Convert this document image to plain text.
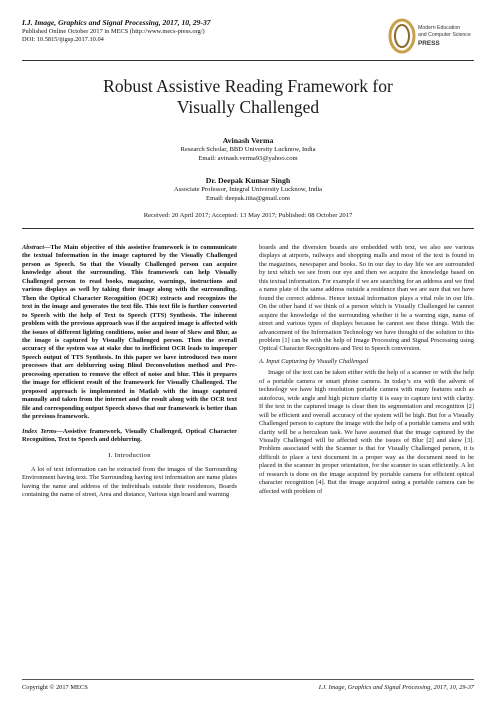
I.J. Image, Graphics and Signal Processing, 2017, 10, 29-37
Published Online October 2017 in MECS (http://www.mecs-press.org/)
DOI: 10.5815/ijigsp.2017.10.04
Modern Education
and Computer Science
PRESS
Robust Assistive Reading Framework for
Visually Challenged
Avinash Verma
Research Scholar, BBD University Lucknow, India
Email: avinash.verma93@yahoo.com
Dr. Deepak Kumar Singh
Associate Professor, Integral University Lucknow, India
Email: deepak.iiita@gmail.com
Received: 20 April 2017; Accepted: 13 May 2017; Published: 08 October 2017

Abstract—The Main objective of this assistive framework is to communicate the textual Information in the image captured by the Visually Challenged person as Speech. So that the Visually Challenged person can acquire knowledge about the surrounding. This framework can help Visually Challenged person to read books, magazine, warnings, instructions and various displays as well by taking their image along with the surrounding. Then the Optical Character Recognition (OCR) extracts and recognizes the text in the image and generates the text file. This text file is further converted to Speech with the help of Text to Speech (TTS) Synthesis. The inherent problem with the previous approach was if the acquired image is affected with the issues of different lighting conditions, noise and issue of Skew and Blur, as the image is captured by Visually Challenged person. Then the overall accuracy of the system was at stake due to inefficient OCR leads to improper Speech output of TTS Synthesis. In this paper we have introduced two more processes that are deblurring using Blind Deconvolution method and Pre-processing operation to remove the effect of noise and blur. This it prepares the image for efficient result of the framework for Visually Challenged. The proposed approach is implemented in Matlab with the image captured manually and taken from the internet and the result along with the OCR text file and corresponding output Speech shows that our framework is better than the previous framework.

Index Terms—Assistive framework, Visually Challenged, Optical Character Recognition, Text to Speech and deblurring.

I. Introduction

A lot of text information can be extracted from the images of the Surrounding Environment having text. The Surrounding having text information are name plates having the name and address of the individuals outside their residences, Boards containing the name of street, Area and distance, Various sign board and warning

boards and the diversion boards are embedded with text, we also see various displays at airports, railways and shopping malls and most of the text is found in the magazines, newspaper and books. So in our day to day life we are surrounded by text which we see from our eye and then we acquire the knowledge based on this textual information. For example if we are searching for an address and we find a name plate of the same address outside a residence than we are sure that we have found the correct address. Hence textual information plays a vital role in our life. On the other hand if we think of a person which is Visually Challenged he cannot acquire the knowledge of the surrounding whether it be a warning sign, name of street and various types of displays because he cannot see these things. With the advancement of the Information Technology we have thought of the solution to this problem [1] can be with the help of Image Processing and Signal Processing using Optical Character Recognitions and Text to Speech conversion.

A. Input Capturing by Visually Challenged

Image of the text can be taken either with the help of a scanner or with the help of a portable camera or smart phone camera. In today’s era with the advent of technology we have high resolution portable camera with many features such as autofocus, wide angle and high picture clarity it is easy to capture text with clarity. If the text in the captured image is clear then its segmentation and recognition [2] will be efficient and overall accuracy of the system will be high. But for a Visually Challenged person to capture the image with the help of a portable camera and with clarity will be a herculean task. We have assumed that the image captured by the Visually Challenged will be affected with the issues of Blur [2] and skew [3]. Problem associated with the Scanner is that for Visually Challenged person, it is difficult to place a text document in a proper way as the document need to be placed in the scanner in proper orientation, for the scanner to scan efficiently. A lot of research is done on the image acquired by portable camera for efficient optical character recognition [4]. But the image acquired using a portable camera can be affected with problem of

Copyright © 2017 MECS	I.J. Image, Graphics and Signal Processing, 2017, 10, 29-37
